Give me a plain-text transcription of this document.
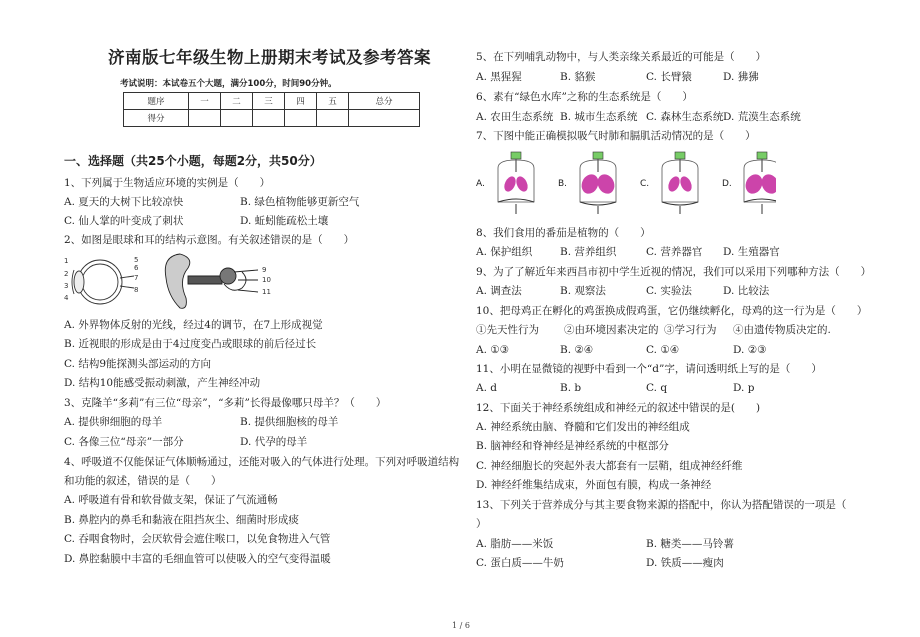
济南版七年级生物上册期末考试及参考答案
考试说明：本试卷五个大题，满分100分，时间90分钟。
题序	一	二	三	四	五	总分
得分						
一、选择题（共25个小题，每题2分，共50分）
1、下列属于生物适应环境的实例是（　　）
A. 夏天的大树下比较凉快	B. 绿色植物能够更新空气
C. 仙人掌的叶变成了刺状	D. 蚯蚓能疏松土壤
2、如图是眼球和耳的结构示意图。有关叙述错误的是（　　）
1
2
3
4
5
6
7
8
9
10
11
A. 外界物体反射的光线，经过4的调节，在7上形成视觉
B. 近视眼的形成是由于4过度变凸或眼球的前后径过长
C. 结构9能探测头部运动的方向
D. 结构10能感受振动刺激，产生神经冲动
3、克隆羊“多莉”有三位“母亲”，“多莉”长得最像哪只母羊？（　　）
A. 提供卵细胞的母羊	B. 提供细胞核的母羊
C. 各像三位“母亲”一部分	D. 代孕的母羊
4、呼吸道不仅能保证气体顺畅通过，还能对吸入的气体进行处理。下列对呼吸道结构
和功能的叙述，错误的是（　　）
A. 呼吸道有骨和软骨做支架，保证了气流通畅
B. 鼻腔内的鼻毛和黏液在阻挡灰尘、细菌时形成痰
C. 吞咽食物时，会厌软骨会遮住喉口，以免食物进入气管
D. 鼻腔黏膜中丰富的毛细血管可以使吸入的空气变得温暖
5、在下列哺乳动物中，与人类亲缘关系最近的可能是（　　）
A. 黑猩猩	B. 貉猴	C. 长臂猿	D. 狒狒
6、素有“绿色水库”之称的生态系统是（　　）
A. 农田生态系统 B. 城市生态系统 C. 森林生态系统 D. 荒漠生态系统
7、下图中能正确模拟吸气时肺和膈肌活动情况的是（　　）
A.	B.	C.	D.
8、我们食用的番茄是植物的（　　）
A. 保护组织	B. 营养组织	C. 营养器官 D. 生殖器官
9、为了了解近年来西昌市初中学生近视的情况，我们可以采用下列哪种方法（　　）
A. 调查法	B. 观察法	C. 实验法	D. 比较法
10、把母鸡正在孵化的鸡蛋换成假鸡蛋，它仍继续孵化，母鸡的这一行为是（　　）
①先天性行为 ②由环境因素决定的 ③学习行为 ④由遗传物质决定的.
A. ①③	B. ②④	C. ①④	D. ②③
11、小明在显微镜的视野中看到一个“d”字，请问透明纸上写的是（　　）
A. d	B. b	C. q	D. p
12、下面关于神经系统组成和神经元的叙述中错误的是(　　)
A. 神经系统由脑、脊髓和它们发出的神经组成
B. 脑神经和脊神经是神经系统的中枢部分
C. 神经细胞长的突起外表大都套有一层鞘，组成神经纤维
D. 神经纤维集结成束，外面包有膜，构成一条神经
13、下列关于营养成分与其主要食物来源的搭配中，你认为搭配错误的一项是（
）
A. 脂肪——米饭	B. 糖类——马铃薯
C. 蛋白质——牛奶	D. 铁质——瘦肉
1 / 6
